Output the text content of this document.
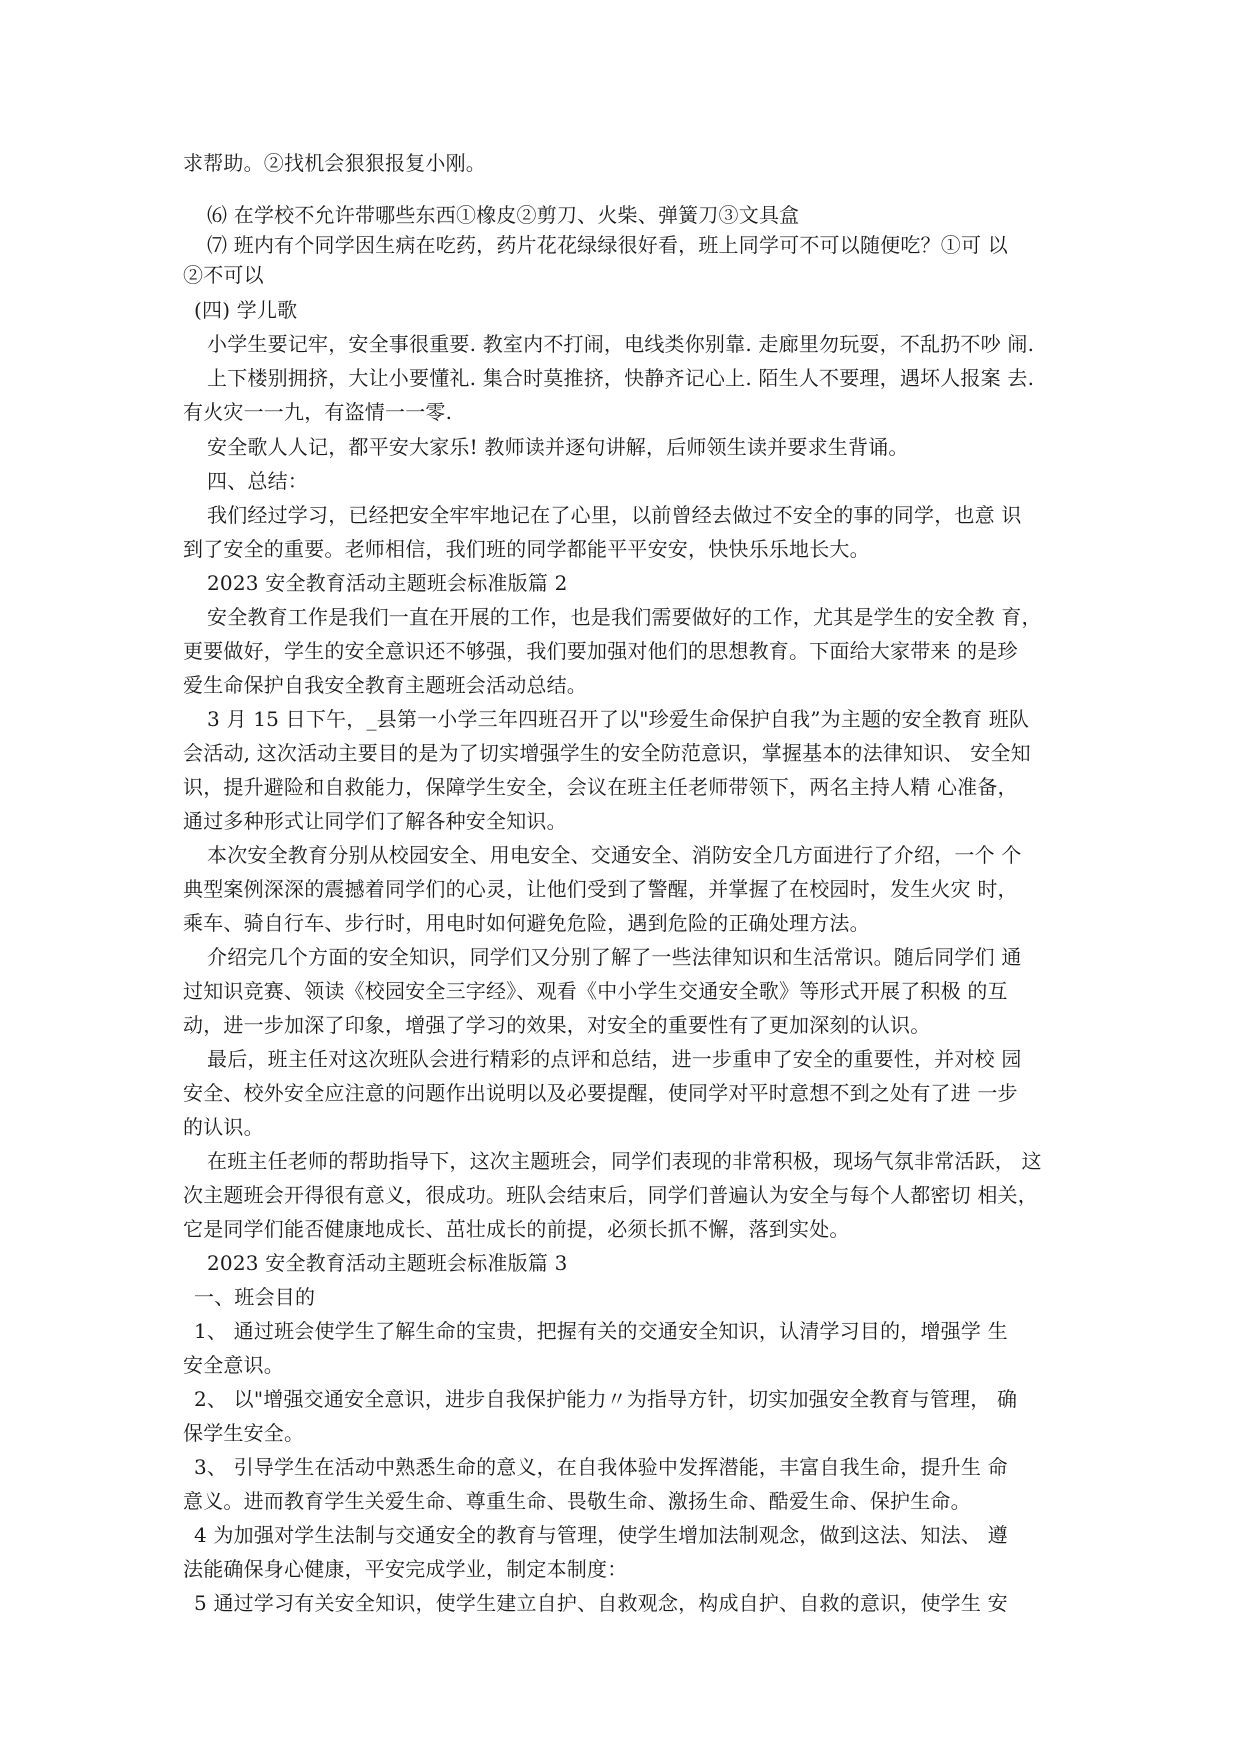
求帮助。②找机会狠狠报复小刚。
⑹ 在学校不允许带哪些东西①橡皮②剪刀、火柴、弹簧刀③文具盒
⑺ 班内有个同学因生病在吃药，药片花花绿绿很好看，班上同学可不可以随便吃？①可 以
②不可以
(四) 学儿歌
小学生要记牢，安全事很重要. 教室内不打闹，电线类你别靠. 走廊里勿玩耍，不乱扔不吵 闹.
上下楼别拥挤，大让小要懂礼. 集合时莫推挤，快静齐记心上. 陌生人不要理，遇坏人报案 去.
有火灾一一九，有盗情一一零.
安全歌人人记，都平安大家乐! 教师读并逐句讲解，后师领生读并要求生背诵。
四、总结：
我们经过学习，已经把安全牢牢地记在了心里，以前曾经去做过不安全的事的同学，也意 识
到了安全的重要。老师相信，我们班的同学都能平平安安，快快乐乐地长大。
2023 安全教育活动主题班会标准版篇 2
安全教育工作是我们一直在开展的工作，也是我们需要做好的工作，尤其是学生的安全教 育，
更要做好，学生的安全意识还不够强，我们要加强对他们的思想教育。下面给大家带来 的是珍
爱生命保护自我安全教育主题班会活动总结。
3 月 15 日下午，_县第一小学三年四班召开了以"珍爱生命保护自我”为主题的安全教育 班队
会活动, 这次活动主要目的是为了切实增强学生的安全防范意识，掌握基本的法律知识、 安全知
识，提升避险和自救能力，保障学生安全，会议在班主任老师带领下，两名主持人精 心准备，
通过多种形式让同学们了解各种安全知识。
本次安全教育分别从校园安全、用电安全、交通安全、消防安全几方面进行了介绍，一个 个
典型案例深深的震撼着同学们的心灵，让他们受到了警醒，并掌握了在校园时，发生火灾 时，
乘车、骑自行车、步行时，用电时如何避免危险，遇到危险的正确处理方法。
介绍完几个方面的安全知识，同学们又分别了解了一些法律知识和生活常识。随后同学们 通
过知识竞赛、领读《校园安全三字经》、观看《中小学生交通安全歌》等形式开展了积极 的互
动，进一步加深了印象，增强了学习的效果，对安全的重要性有了更加深刻的认识。
最后，班主任对这次班队会进行精彩的点评和总结，进一步重申了安全的重要性，并对校 园
安全、校外安全应注意的问题作出说明以及必要提醒，使同学对平时意想不到之处有了进 一步
的认识。
在班主任老师的帮助指导下，这次主题班会，同学们表现的非常积极，现场气氛非常活跃， 这
次主题班会开得很有意义，很成功。班队会结束后，同学们普遍认为安全与每个人都密切 相关，
它是同学们能否健康地成长、茁壮成长的前提，必须长抓不懈，落到实处。
2023 安全教育活动主题班会标准版篇 3
一、班会目的
1、 通过班会使学生了解生命的宝贵，把握有关的交通安全知识，认清学习目的，增强学 生
安全意识。
2、 以"增强交通安全意识，进步自我保护能力〃为指导方针，切实加强安全教育与管理， 确
保学生安全。
3、 引导学生在活动中熟悉生命的意义，在自我体验中发挥潜能，丰富自我生命，提升生 命
意义。进而教育学生关爱生命、尊重生命、畏敬生命、激扬生命、酷爱生命、保护生命。
4 为加强对学生法制与交通安全的教育与管理，使学生增加法制观念，做到这法、知法、 遵
法能确保身心健康，平安完成学业，制定本制度：
5 通过学习有关安全知识，使学生建立自护、自救观念，构成自护、自救的意识，使学生 安
